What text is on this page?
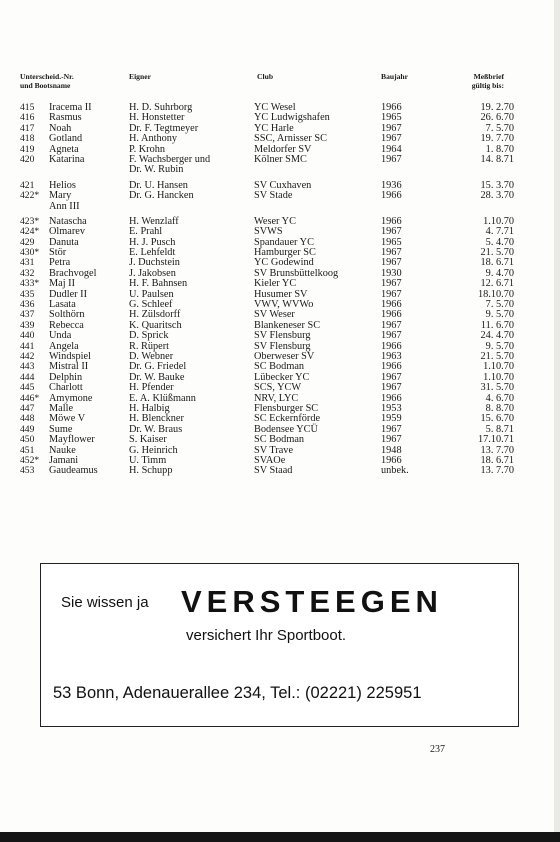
Unterscheid.-Nr.
und Bootsname
Eigner	Club	Baujahr	Meßbrief
gültig bis:
415 Iracema II	H. D. Suhrborg	YC Wesel	1966	19. 2.70
416 Rasmus	H. Honstetter	YC Ludwigshafen	1965	26. 6.70
417 Noah	Dr. F. Tegtmeyer	YC Harle	1967	7. 5.70
418 Gotland	H. Anthony	SSC, Arnisser SC	1967	19. 7.70
419 Agneta	P. Krohn	Meldorfer SV	1964	1. 8.70
420 Katarina	F. Wachsberger und	Kölner SMC	1967	14. 8.71
Dr. W. Rubin
421 Helios	Dr. U. Hansen	SV Cuxhaven	1936	15. 3.70
422* Mary	Dr. G. Hancken	SV Stade	1966	28. 3.70
Ann III
423* Natascha	H. Wenzlaff	Weser YC	1966	1.10.70
424* Olmarev	E. Prahl	SVWS	1967	4. 7.71
429 Danuta	H. J. Pusch	Spandauer YC	1965	5. 4.70
430* Stör	E. Lehfeldt	Hamburger SC	1967	21. 5.70
431 Petra	J. Duchstein	YC Godewind	1967	18. 6.71
432 Brachvogel	J. Jakobsen	SV Brunsbüttelkoog	1930	9. 4.70
433* Maj II	H. F. Bahnsen	Kieler YC	1967	12. 6.71
435 Dudler II	U. Paulsen	Husumer SV	1967	18.10.70
436 Lasata	G. Schleef	VWV, WVWo	1966	7. 5.70
437 Solthörn	H. Zülsdorff	SV Weser	1966	9. 5.70
439 Rebecca	K. Quaritsch	Blankeneser SC	1967	11. 6.70
440 Unda	D. Sprick	SV Flensburg	1967	24. 4.70
441 Angela	R. Rüpert	SV Flensburg	1966	9. 5.70
442 Windspiel	D. Webner	Oberweser SV	1963	21. 5.70
443 Mistral II	Dr. G. Friedel	SC Bodman	1966	1.10.70
444 Delphin	Dr. W. Bauke	Lübecker YC	1967	1.10.70
445 Charlott	H. Pfender	SCS, YCW	1967	31. 5.70
446* Amymone	E. A. Klüßmann	NRV, LYC	1966	4. 6.70
447 Malle	H. Halbig	Flensburger SC	1953	8. 8.70
448 Möwe V	H. Blenckner	SC Eckernförde	1959	15. 6.70
449 Sume	Dr. W. Braus	Bodensee YCÜ	1967	5. 8.71
450 Mayflower	S. Kaiser	SC Bodman	1967	17.10.71
451 Nauke	G. Heinrich	SV Trave	1948	13. 7.70
452* Jamani	U. Timm	SVAOe	1966	18. 6.71
453 Gaudeamus	H. Schupp	SV Staad	unbek.	13. 7.70
Sie wissen ja VERSTEEGEN
versichert Ihr Sportboot.
53 Bonn, Adenauerallee 234, Tel.: (02221) 225951
237
